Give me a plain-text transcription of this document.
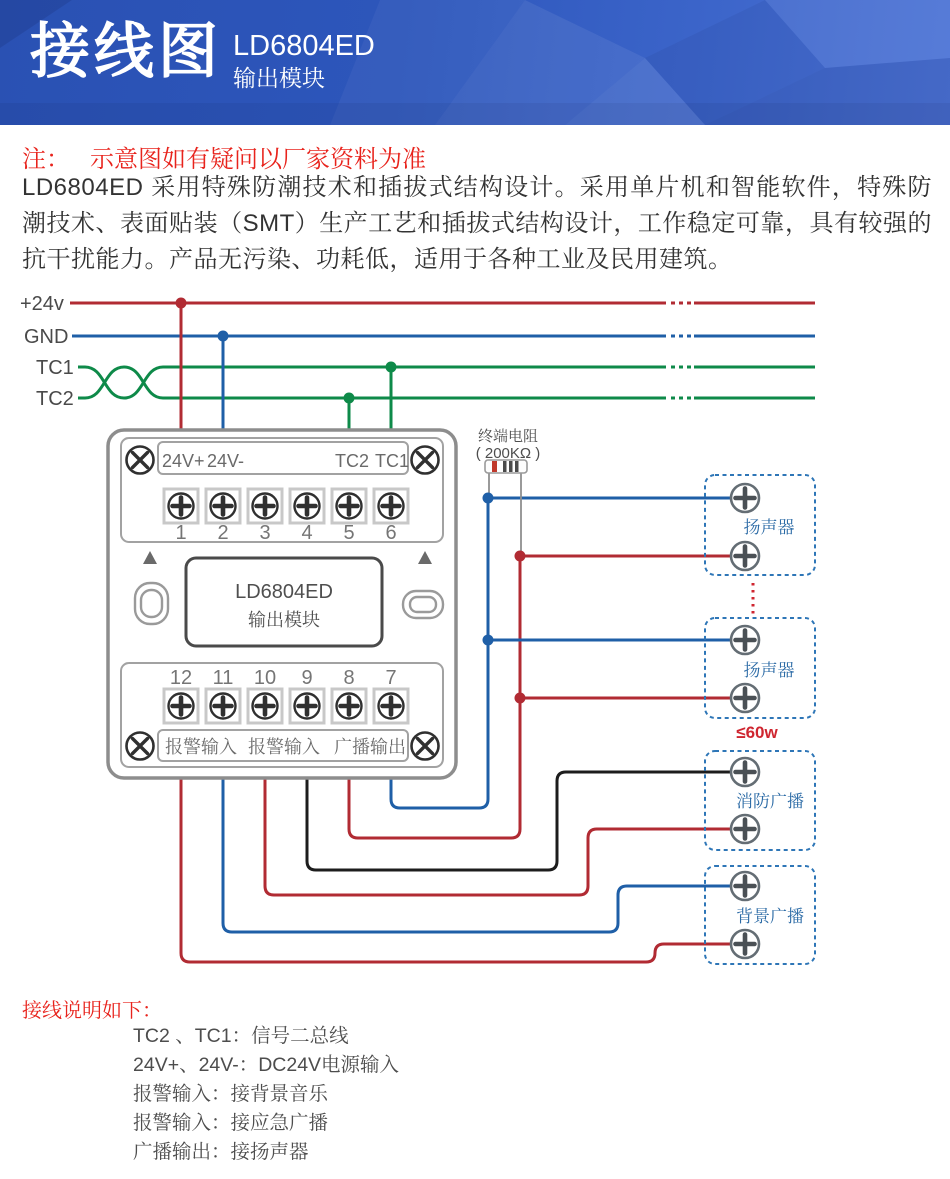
接线图 LD6804ED
输出模块
注： 示意图如有疑问以厂家资料为准

LD6804ED 采用特殊防潮技术和插拔式结构设计。采用单片机和智能软件，特殊防潮技术、表面贴装（SMT）生产工艺和插拔式结构设计，工作稳定可靠，具有较强的抗干扰能力。产品无污染、功耗低，适用于各种工业及民用建筑。

+24v
GND
TC1
TC2
终端电阻
( 200KΩ )
24V+ 24V-	TC2 TC1
1 2 3 4 5 6
LD6804ED
输出模块
12 11 10 9 8 7
报警输入 报警输入 广播输出
扬声器
扬声器
≤60w
消防广播
背景广播
接线说明如下：
TC2 、TC1：信号二总线
24V+、24V-：DC24V电源输入
报警输入：接背景音乐
报警输入：接应急广播
广播输出：接扬声器
